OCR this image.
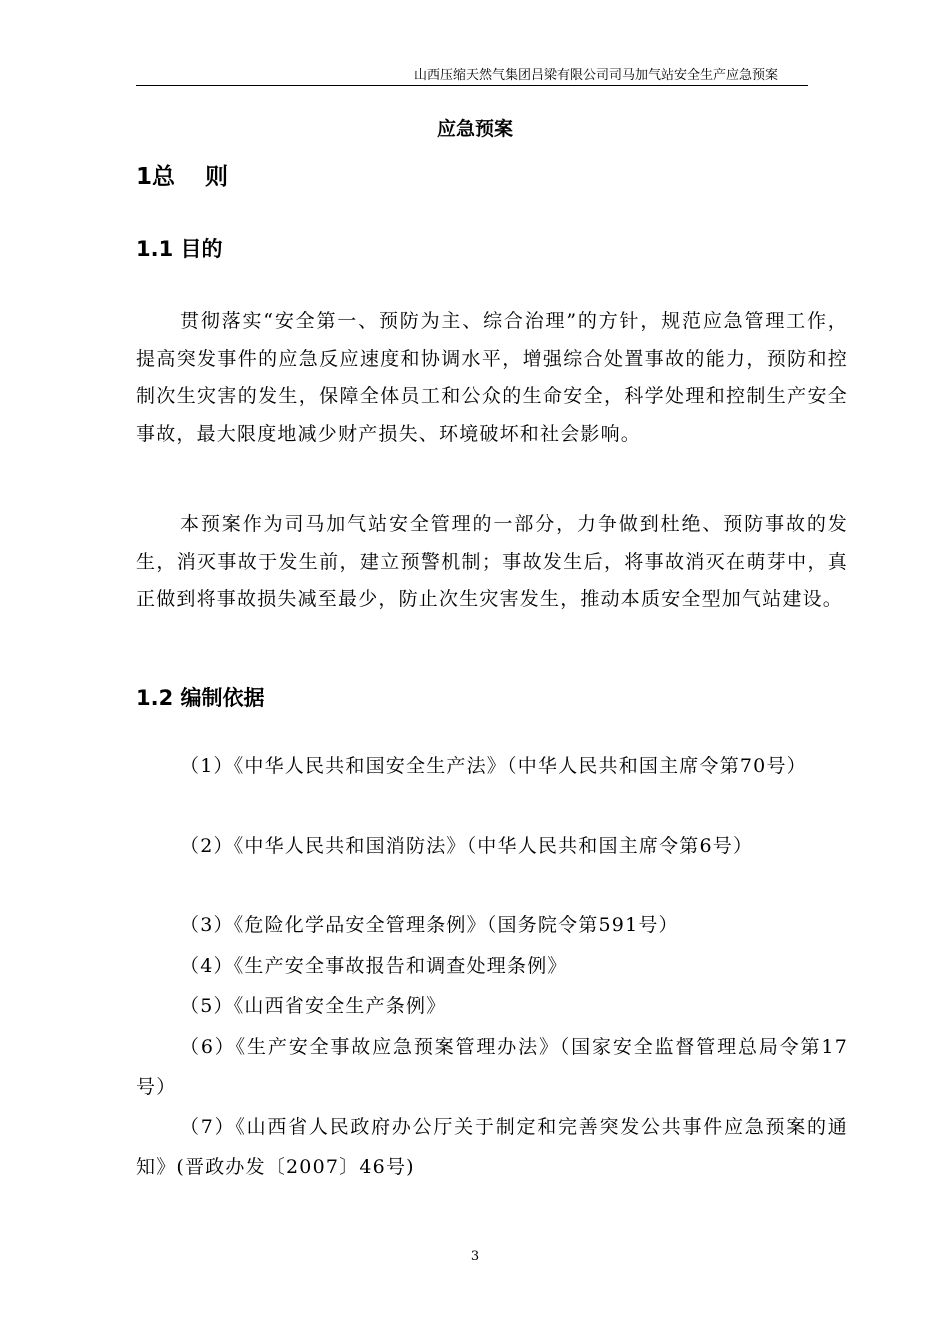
山西压缩天然气集团吕梁有限公司司马加气站安全生产应急预案
应急预案
1总 则
1.1 目的

贯彻落实“安全第一、预防为主、综合治理”的方针，规范应急管理工作，提高突发事件的应急反应速度和协调水平，增强综合处置事故的能力，预防和控制次生灾害的发生，保障全体员工和公众的生命安全，科学处理和控制生产安全事故，最大限度地减少财产损失、环境破坏和社会影响。

本预案作为司马加气站安全管理的一部分，力争做到杜绝、预防事故的发生，消灭事故于发生前，建立预警机制；事故发生后，将事故消灭在萌芽中，真正做到将事故损失减至最少，防止次生灾害发生，推动本质安全型加气站建设。

1.2 编制依据

（1）《中华人民共和国安全生产法》（中华人民共和国主席令第70号）

（2）《中华人民共和国消防法》（中华人民共和国主席令第6号）

（3）《危险化学品安全管理条例》（国务院令第591号）

（4）《生产安全事故报告和调查处理条例》

（5）《山西省安全生产条例》

（6）《生产安全事故应急预案管理办法》（国家安全监督管理总局令第17号）

（7）《山西省人民政府办公厅关于制定和完善突发公共事件应急预案的通知》(晋政办发〔2007〕46号)

3
